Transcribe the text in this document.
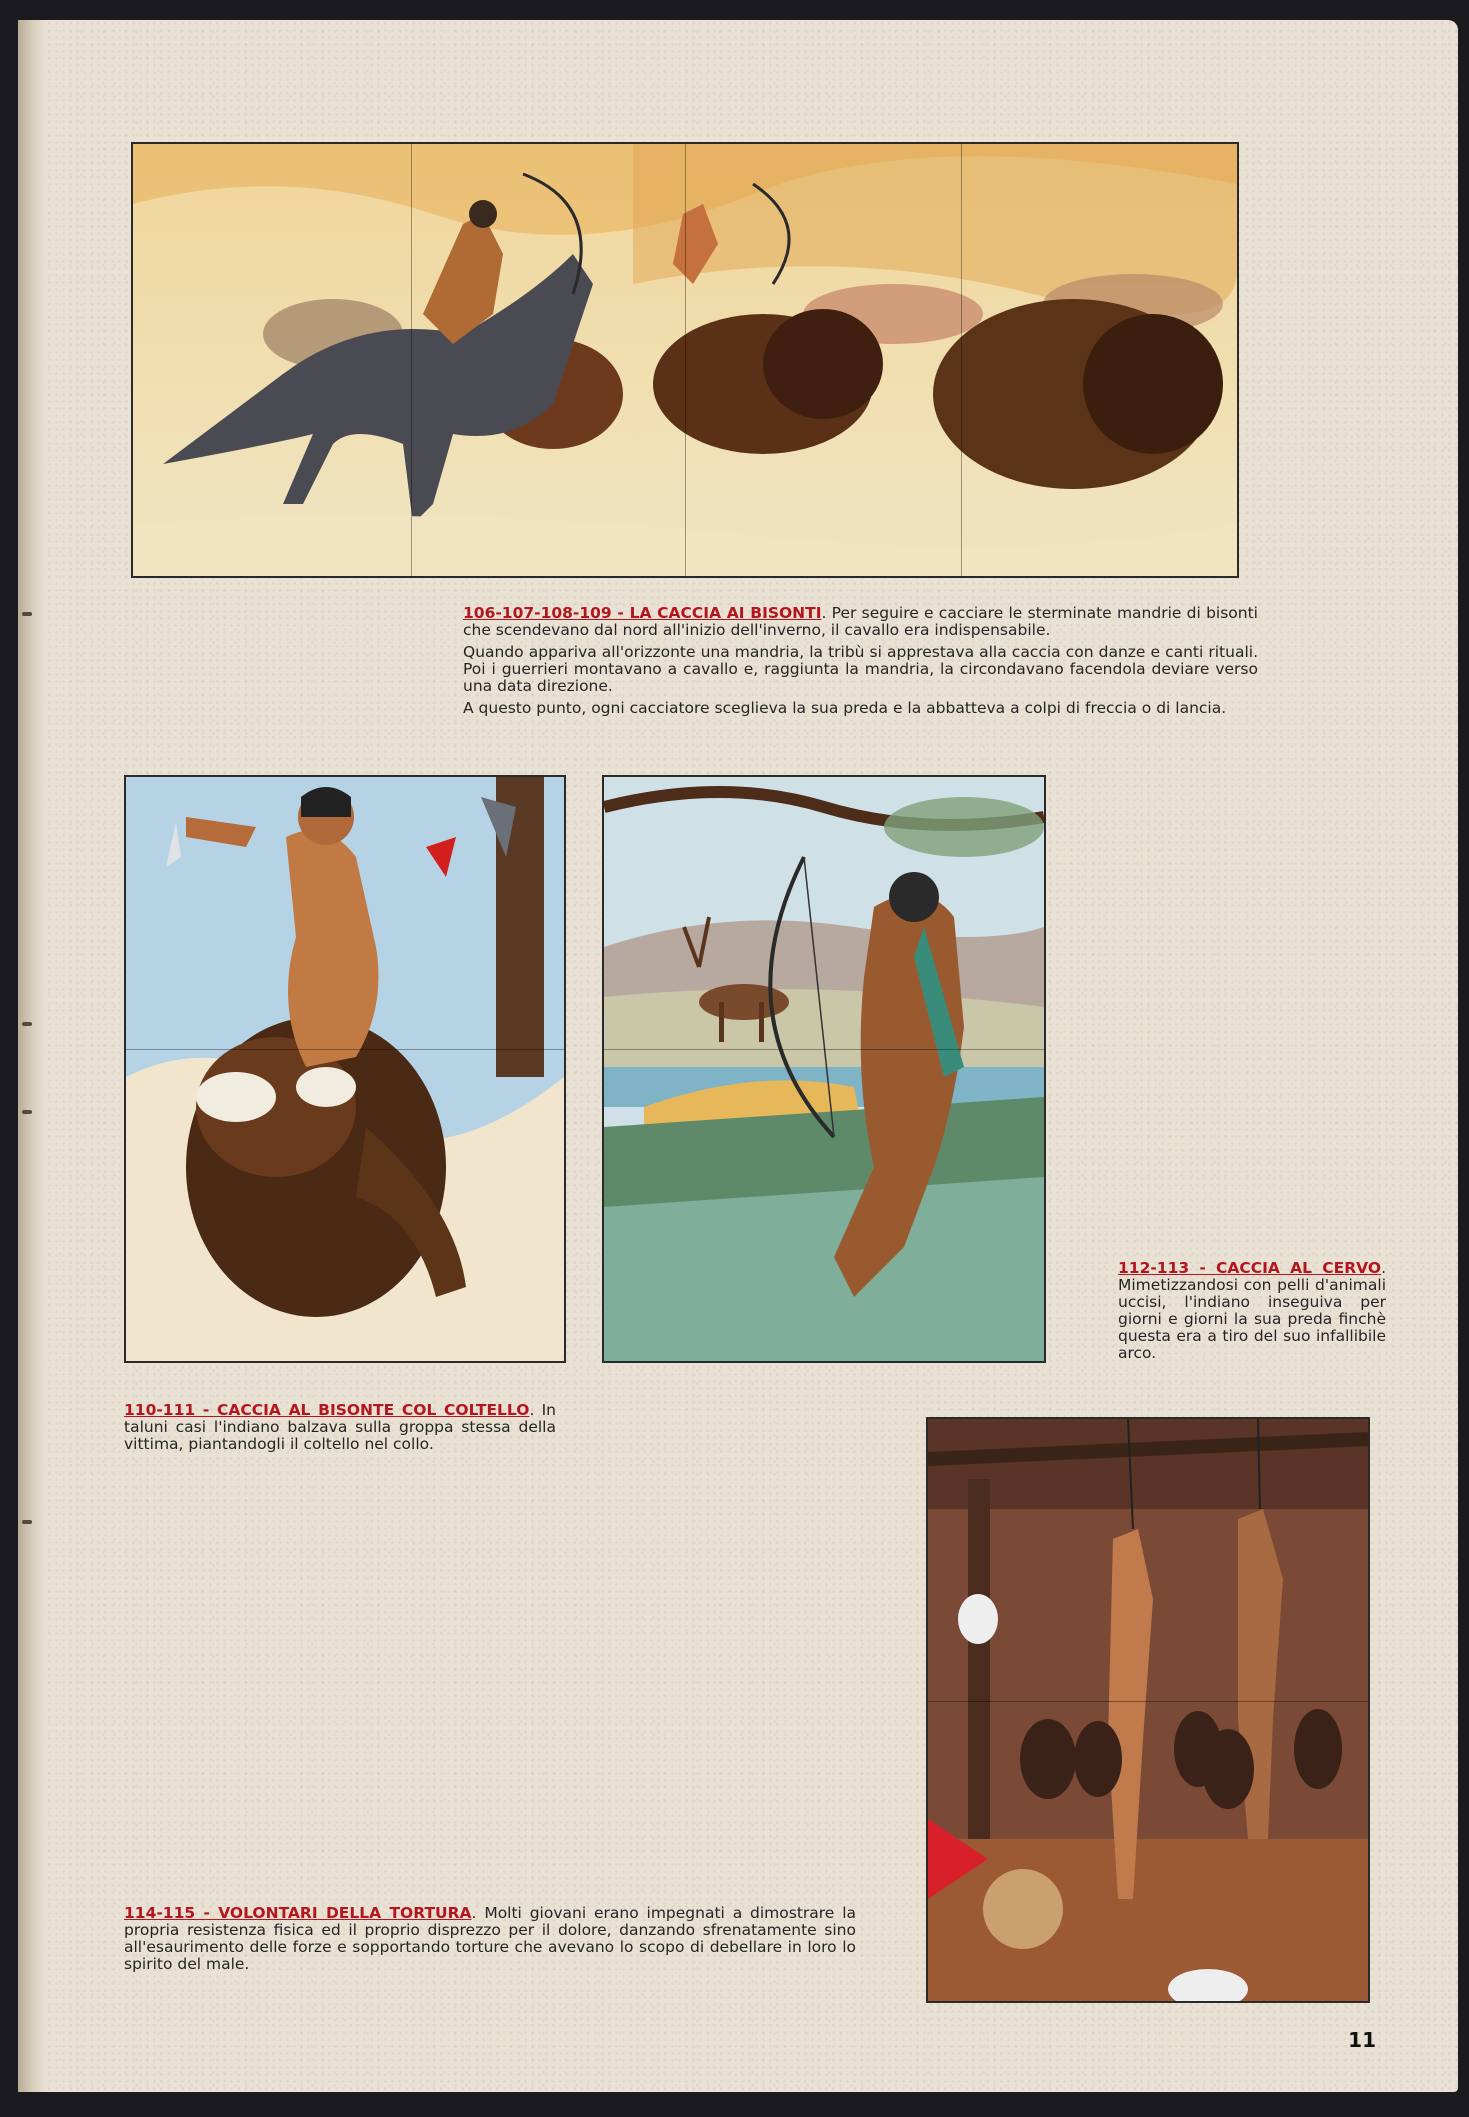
106-107-108-109 - LA CACCIA AI BISONTI. Per seguire e cacciare le sterminate mandrie di bisonti che scendevano dal nord all'inizio dell'inverno, il cavallo era indispensabile.

Quando appariva all'orizzonte una mandria, la tribù si apprestava alla caccia con danze e canti rituali. Poi i guerrieri montavano a cavallo e, raggiunta la mandria, la circondavano facendola deviare verso una data direzione.

A questo punto, ogni cacciatore sceglieva la sua preda e la abbatteva a colpi di freccia o di lancia.

112-113 - CACCIA AL CERVO. Mimetizzandosi con pelli d'animali uccisi, l'indiano inseguiva per giorni e giorni la sua preda finchè questa era a tiro del suo infallibile arco.

110-111 - CACCIA AL BISONTE COL COLTELLO. In taluni casi l'indiano balzava sulla groppa stessa della vittima, piantandogli il coltello nel collo.

114-115 - VOLONTARI DELLA TORTURA. Molti giovani erano impegnati a dimostrare la propria resistenza fisica ed il proprio disprezzo per il dolore, danzando sfrenatamente sino all'esaurimento delle forze e sopportando torture che avevano lo scopo di debellare in loro lo spirito del male.

11
